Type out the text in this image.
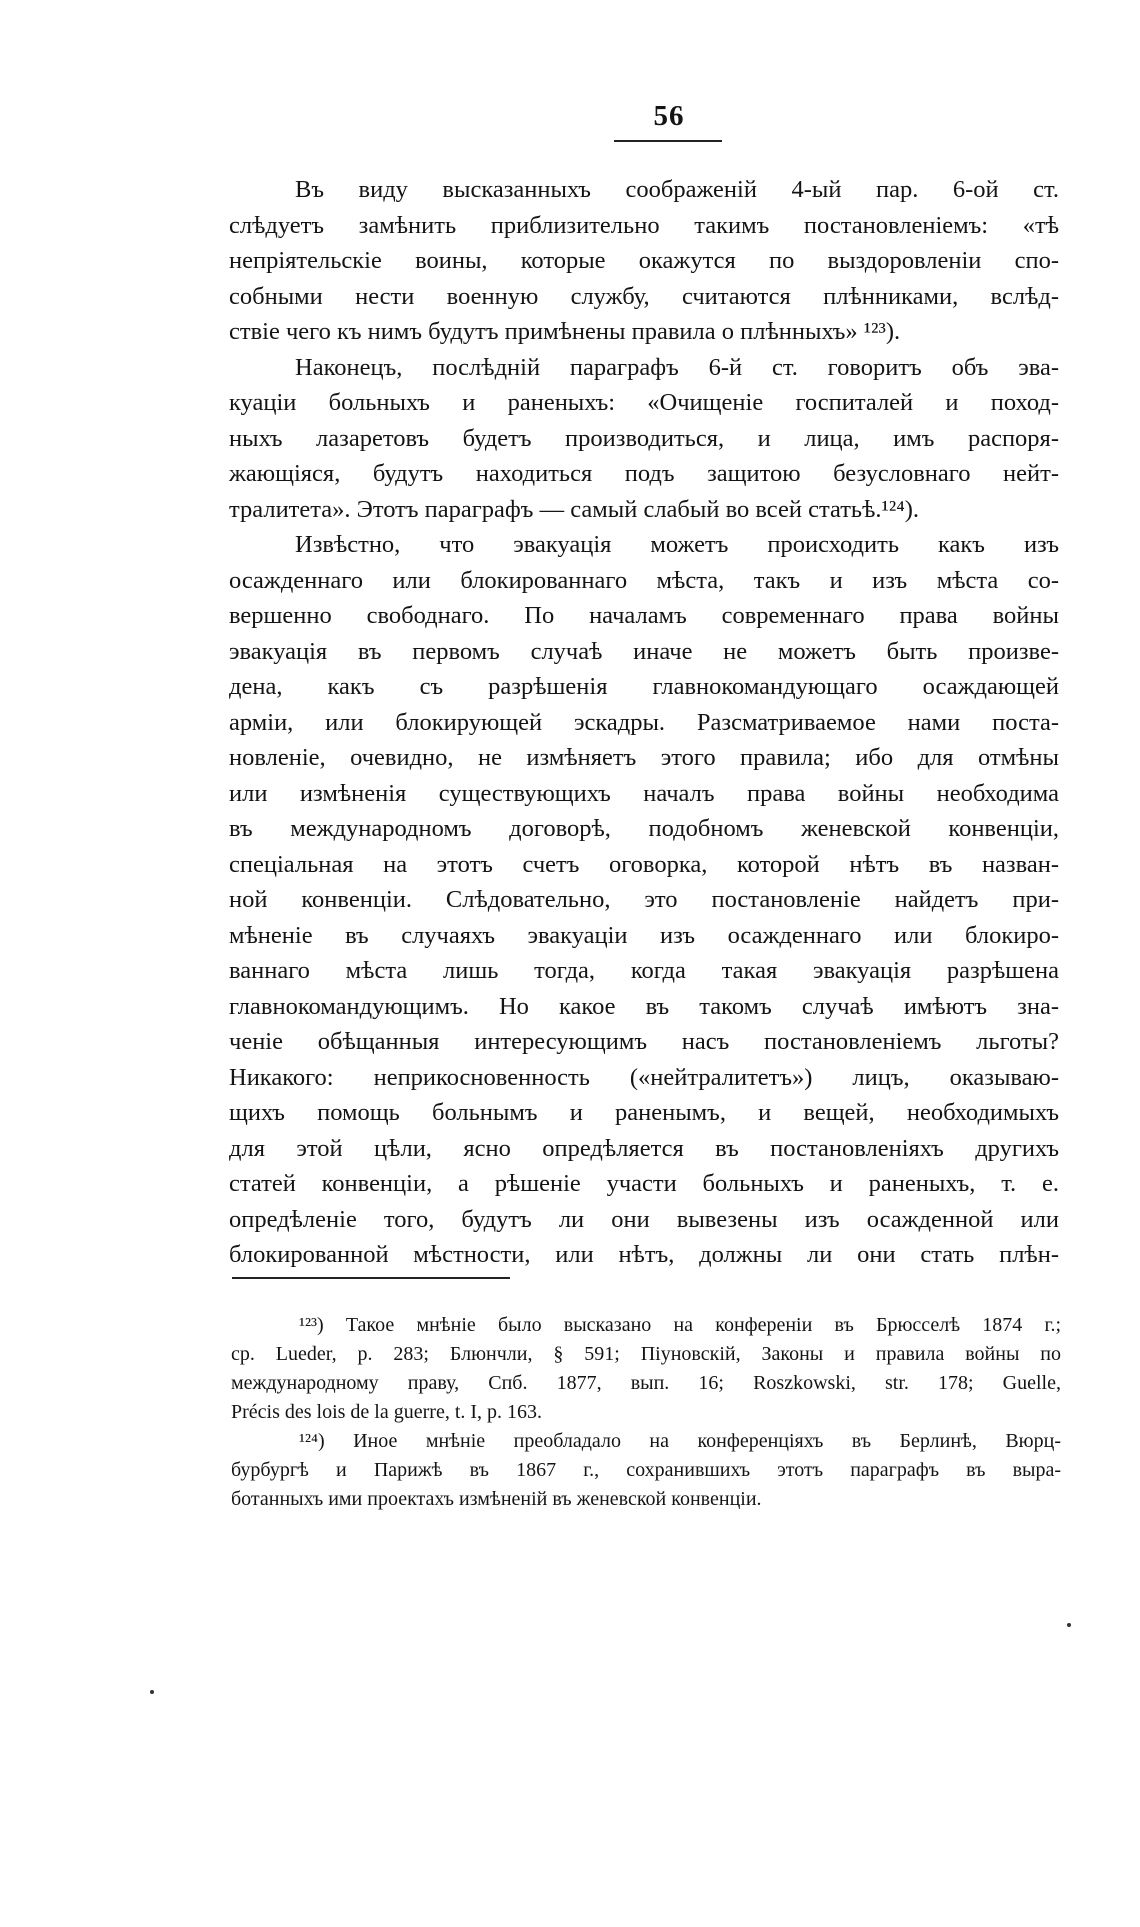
56
Въ виду высказанныхъ соображенiй 4-ый пар. 6-ой ст.
слѣдуетъ замѣнить приблизительно такимъ постановленiемъ: «тѣ
непрiятельскiе воины, которые окажутся по выздоровленiи спо-
собными нести военную службу, считаются плѣнниками, вслѣд-
ствiе чего къ нимъ будутъ примѣнены правила о плѣнныхъ» ¹²³).
Наконецъ, послѣднiй параграфъ 6-й ст. говоритъ объ эва-
куацiи больныхъ и раненыхъ: «Очищенiе госпиталей и поход-
ныхъ лазаретовъ будетъ производиться, и лица, имъ распоря-
жающiяся, будутъ находиться подъ защитою безусловнаго нейт-
тралитета». Этотъ параграфъ — самый слабый во всей статьѣ.¹²⁴).
Извѣстно, что эвакуацiя можетъ происходить какъ изъ
осажденнаго или блокированнаго мѣста, такъ и изъ мѣста со-
вершенно свободнаго. По началамъ современнаго права войны
эвакуацiя въ первомъ случаѣ иначе не можетъ быть произве-
дена, какъ съ разрѣшенiя главнокомандующаго осаждающей
армiи, или блокирующей эскадры. Разсматриваемое нами поста-
новленiе, очевидно, не измѣняетъ этого правила; ибо для отмѣны
или измѣненiя существующихъ началъ права войны необходима
въ международномъ договорѣ, подобномъ женевской конвенцiи,
спецiальная на этотъ счетъ оговорка, которой нѣтъ въ назван-
ной конвенцiи. Слѣдовательно, это постановленiе найдетъ при-
мѣненiе въ случаяхъ эвакуацiи изъ осажденнаго или блокиро-
ваннаго мѣста лишь тогда, когда такая эвакуацiя разрѣшена
главнокомандующимъ. Но какое въ такомъ случаѣ имѣютъ зна-
ченiе обѣщанныя интересующимъ насъ постановленiемъ льготы?
Никакого: неприкосновенность («нейтралитетъ») лицъ, оказываю-
щихъ помощь больнымъ и раненымъ, и вещей, необходимыхъ
для этой цѣли, ясно опредѣляется въ постановленiяхъ другихъ
статей конвенцiи, а рѣшенiе участи больныхъ и раненыхъ, т. е.
опредѣленiе того, будутъ ли они вывезены изъ осажденной или
блокированной мѣстности, или нѣтъ, должны ли они стать плѣн-
¹²³) Такое мнѣнiе было высказано на конференiи въ Брюсселѣ 1874 г.;
ср. Lueder, p. 283; Блюнчли, § 591; Пiуновскiй, Законы и правила войны по
международному праву, Спб. 1877, вып. 16; Roszkowski, str. 178; Guelle,
Précis des lois de la guerre, t. I, p. 163.
¹²⁴) Иное мнѣнiе преобладало на конференцiяхъ въ Берлинѣ, Вюрц-
бурбургѣ и Парижѣ въ 1867 г., сохранившихъ этотъ параграфъ въ выра-
ботанныхъ ими проектахъ измѣненiй въ женевской конвенцiи.
